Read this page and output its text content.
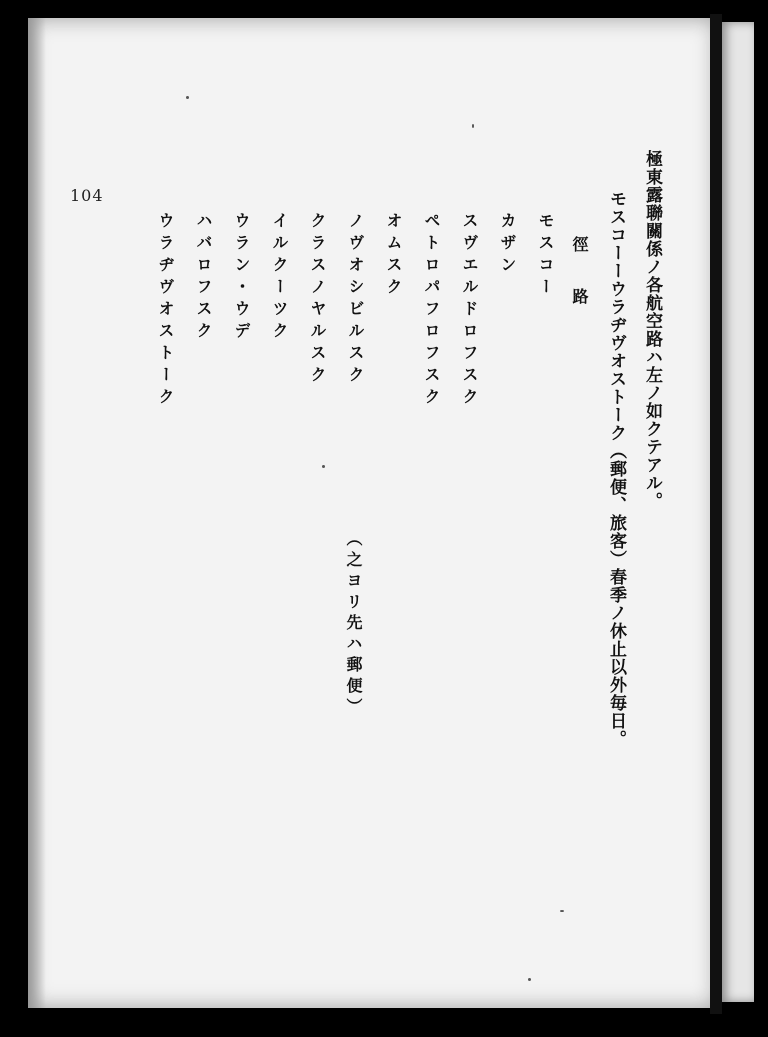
104	極東露聯關係ノ各航空路ハ左ノ如クテアル。
モスコーーウラヂヴオストーク（郵便、旅客）春季ノ休止以外毎日。
徑路
モスコー
カザン
スヴエルドロフスク
ペトロパフロフスク
オムスク
ノヴオシビルスク
クラスノヤルスク
イルクーツク
ウラン・ウデ
ハバロフスク
ウラヂヴオストーク
（之ヨリ先ハ郵便）
